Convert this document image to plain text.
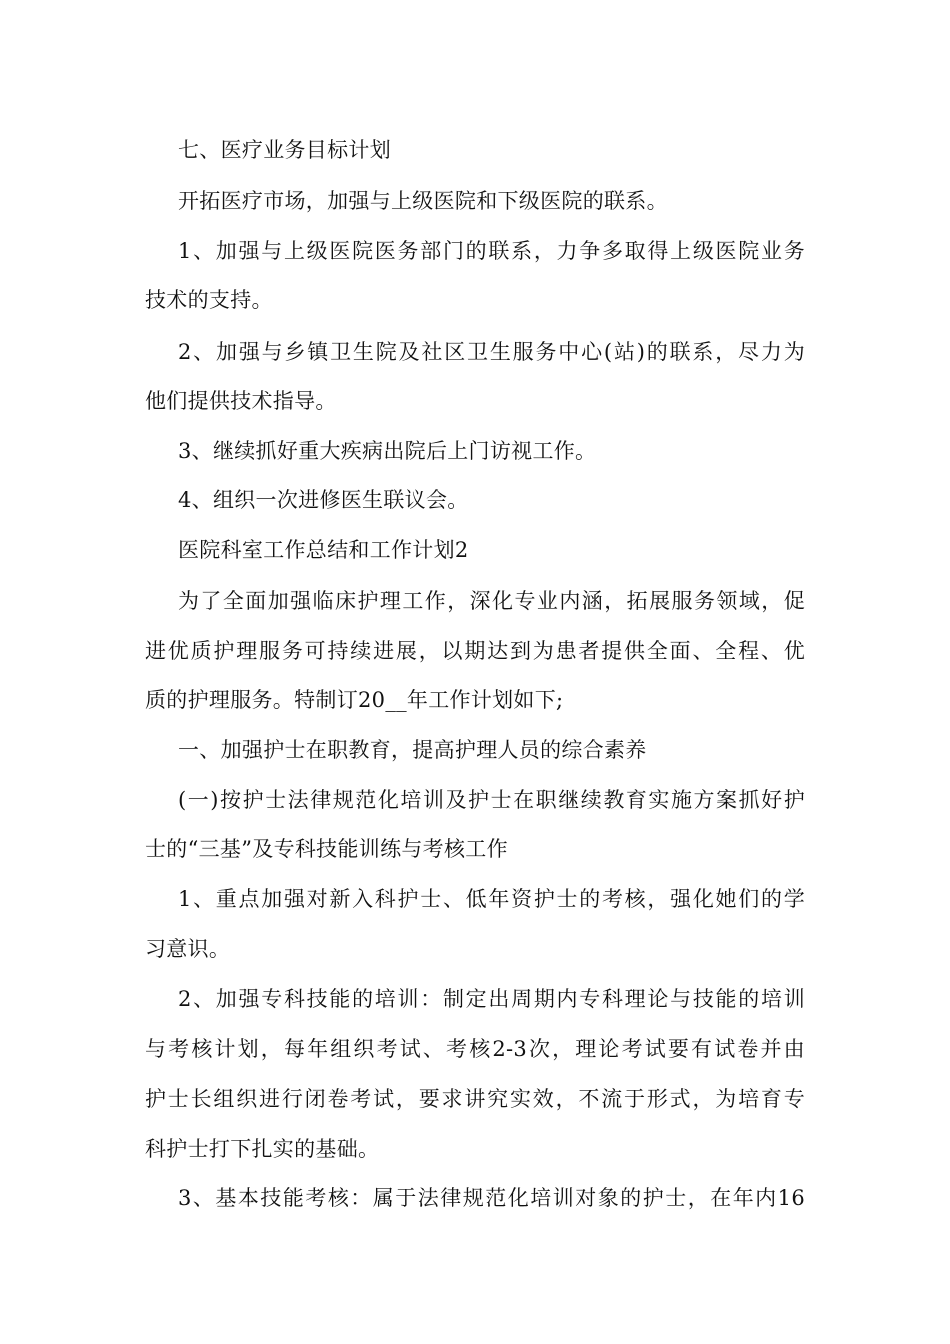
七、医疗业务目标计划
开拓医疗市场，加强与上级医院和下级医院的联系。
1、加强与上级医院医务部门的联系，力争多取得上级医院业务
技术的支持。
2、加强与乡镇卫生院及社区卫生服务中心(站)的联系，尽力为
他们提供技术指导。
3、继续抓好重大疾病出院后上门访视工作。
4、组织一次进修医生联议会。
医院科室工作总结和工作计划2
为了全面加强临床护理工作，深化专业内涵，拓展服务领域，促
进优质护理服务可持续进展，以期达到为患者提供全面、全程、优
质的护理服务。特制订20__年工作计划如下;
一、加强护士在职教育，提高护理人员的综合素养
(一)按护士法律规范化培训及护士在职继续教育实施方案抓好护
士的“三基”及专科技能训练与考核工作
1、重点加强对新入科护士、低年资护士的考核，强化她们的学
习意识。
2、加强专科技能的培训：制定出周期内专科理论与技能的培训
与考核计划，每年组织考试、考核2-3次，理论考试要有试卷并由
护士长组织进行闭卷考试，要求讲究实效，不流于形式，为培育专
科护士打下扎实的基础。
3、基本技能考核：属于法律规范化培训对象的护士，在年内16
